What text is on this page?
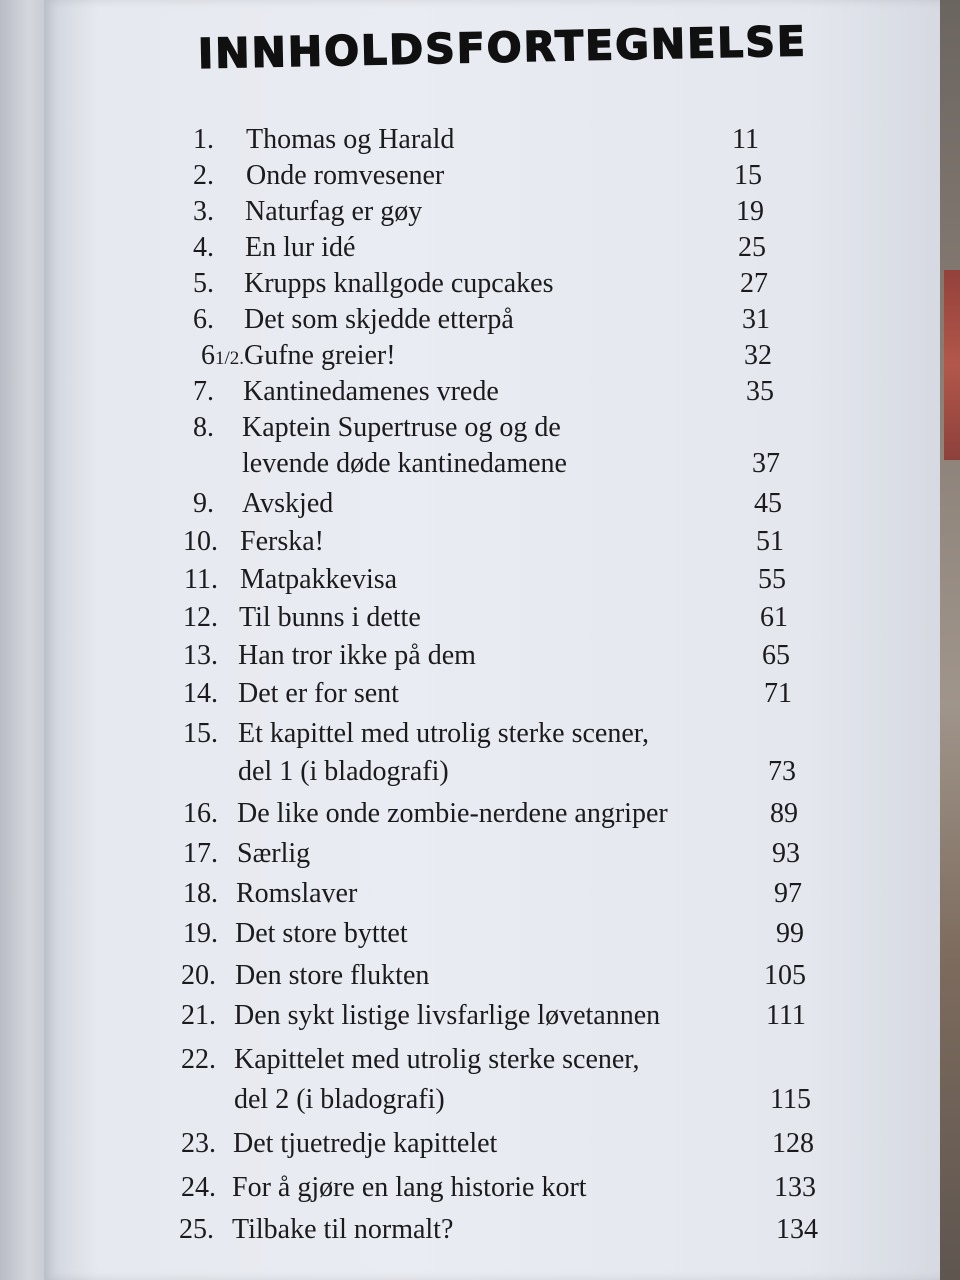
INNHOLDSFORTEGNELSE
1. Thomas og Harald	11
2. Onde romvesener	15
3. Naturfag er gøy	19
4. En lur idé	25
5. Krupps knallgode cupcakes	27
6. Det som skjedde etterpå	31
61/2. Gufne greier!	32
7. Kantinedamenes vrede	35
8. Kaptein Supertruse og og de
levende døde kantinedamene	37
9. Avskjed	45
10. Ferska!	51
11. Matpakkevisa	55
12. Til bunns i dette	61
13. Han tror ikke på dem	65
14. Det er for sent	71
15. Et kapittel med utrolig sterke scener,
del 1 (i bladografi)	73
16. De like onde zombie-nerdene angriper	89
17. Særlig	93
18. Romslaver	97
19. Det store byttet	99
20. Den store flukten	105
21. Den sykt listige livsfarlige løvetannen	111
22. Kapittelet med utrolig sterke scener,
del 2 (i bladografi)	115
23. Det tjuetredje kapittelet	128
24. For å gjøre en lang historie kort	133
25. Tilbake til normalt?	134
